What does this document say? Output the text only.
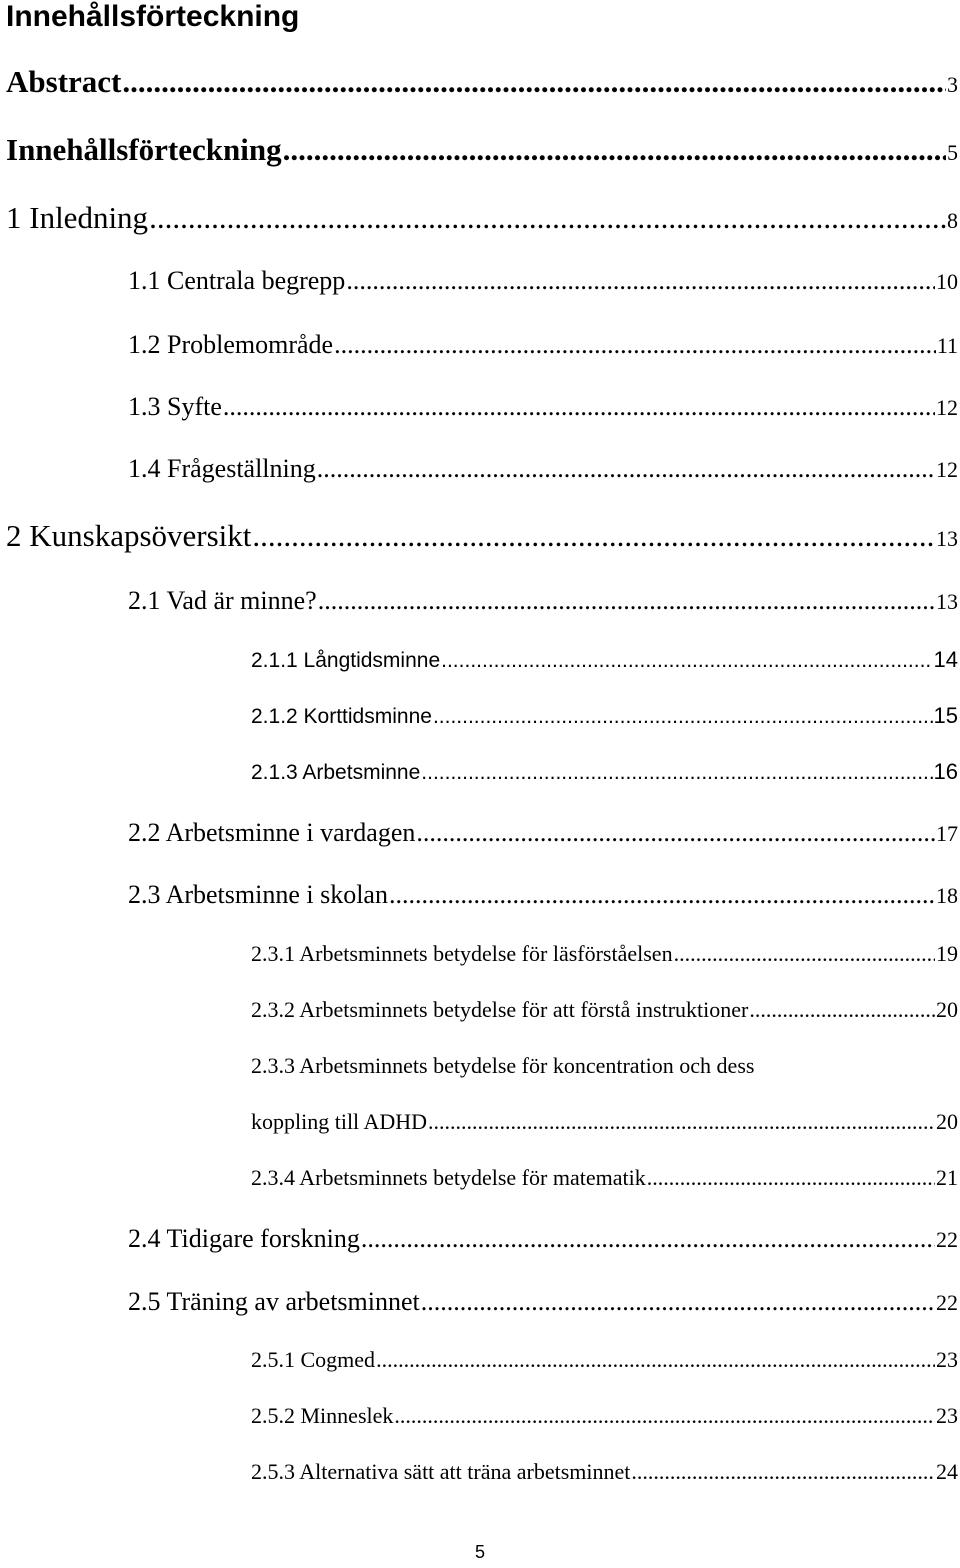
Innehållsförteckning
Abstract .....	3
Innehållsförteckning .....	5
1 Inledning .....	8
1.1 Centrala begrepp .....	10
1.2 Problemområde .....	11
1.3 Syfte .....	12
1.4 Frågeställning .....	12
2 Kunskapsöversikt .....	13
2.1 Vad är minne? .....	13
2.1.1 Långtidsminne .....	14
2.1.2 Korttidsminne .....	15
2.1.3 Arbetsminne .....	16
2.2 Arbetsminne i vardagen .....	17
2.3 Arbetsminne i skolan .....	18
2.3.1 Arbetsminnets betydelse för läsförståelsen .....	19
2.3.2 Arbetsminnets betydelse för att förstå instruktioner .....	20
2.3.3 Arbetsminnets betydelse för koncentration och dess
koppling till ADHD .....	20
2.3.4 Arbetsminnets betydelse för matematik .....	21
2.4 Tidigare forskning .....	22
2.5 Träning av arbetsminnet .....	22
2.5.1 Cogmed .....	23
2.5.2 Minneslek .....	23
2.5.3 Alternativa sätt att träna arbetsminnet .....	24
5
